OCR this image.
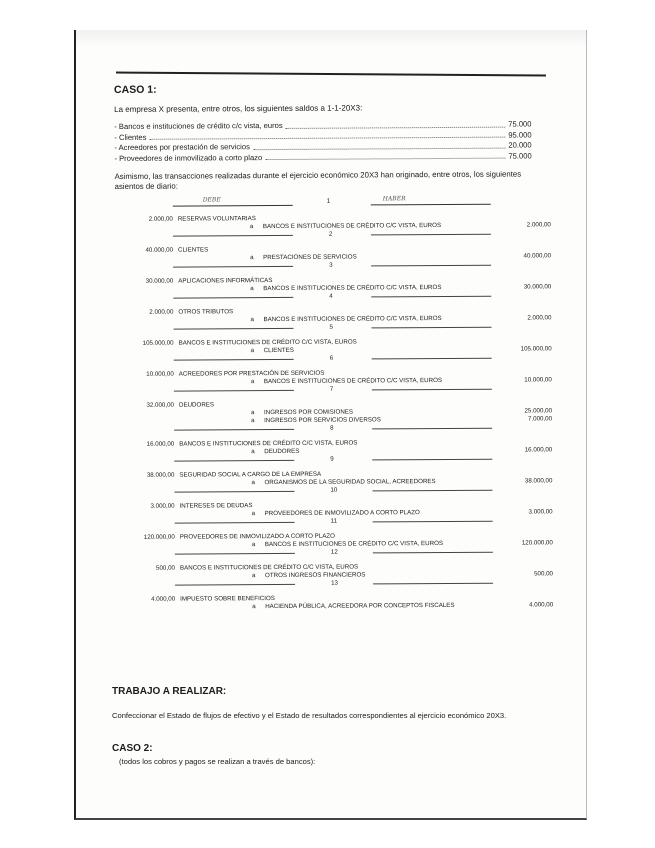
CASO 1:
La empresa X presenta, entre otros, los siguientes saldos a 1-1-20X3:
- Bancos e instituciones de crédito c/c vista, euros	75.000
- Clientes	95.000
- Acreedores por prestación de servicios	20.000
- Proveedores de inmovilizado a corto plazo	75.000
Asimismo, las transacciones realizadas durante el ejercicio económico 20X3 han originado, entre otros, los siguientes asientos de diario:
DEBE	1	HABER
2.000,00 RESERVAS VOLUNTARIAS
a BANCOS E INSTITUCIONES DE CRÉDITO C/C VISTA, EUROS	2.000,00
2
40.000,00 CLIENTES
a PRESTACIONES DE SERVICIOS	40.000,00
3
30.000,00 APLICACIONES INFORMÁTICAS
a BANCOS E INSTITUCIONES DE CRÉDITO C/C VISTA, EUROS	30.000,00
4
2.000,00 OTROS TRIBUTOS
a BANCOS E INSTITUCIONES DE CRÉDITO C/C VISTA, EUROS	2.000,00
5
105.000,00 BANCOS E INSTITUCIONES DE CRÉDITO C/C VISTA, EUROS
a CLIENTES	105.000,00
6
10.000,00 ACREEDORES POR PRESTACIÓN DE SERVICIOS
a BANCOS E INSTITUCIONES DE CRÉDITO C/C VISTA, EUROS	10.000,00
7
32.000,00 DEUDORES
a INGRESOS POR COMISIONES	25.000,00
a INGRESOS POR SERVICIOS DIVERSOS	7.000,00
8
16.000,00 BANCOS E INSTITUCIONES DE CRÉDITO C/C VISTA, EUROS
a DEUDORES	16.000,00
9
38.000,00 SEGURIDAD SOCIAL A CARGO DE LA EMPRESA
a ORGANISMOS DE LA SEGURIDAD SOCIAL, ACREEDORES	38.000,00
10
3.000,00 INTERESES DE DEUDAS
a PROVEEDORES DE INMOVILIZADO A CORTO PLAZO	3.000,00
11
120.000,00 PROVEEDORES DE INMOVILIZADO A CORTO PLAZO
a BANCOS E INSTITUCIONES DE CRÉDITO C/C VISTA, EUROS	120.000,00
12
500,00 BANCOS E INSTITUCIONES DE CRÉDITO C/C VISTA, EUROS
a OTROS INGRESOS FINANCIEROS	500,00
13
4.000,00 IMPUESTO SOBRE BENEFICIOS
a HACIENDA PÚBLICA, ACREEDORA POR CONCEPTOS FISCALES	4.000,00
TRABAJO A REALIZAR:
Confeccionar el Estado de flujos de efectivo y el Estado de resultados correspondientes al ejercicio económico 20X3.
CASO 2:
(todos los cobros y pagos se realizan a través de bancos):
